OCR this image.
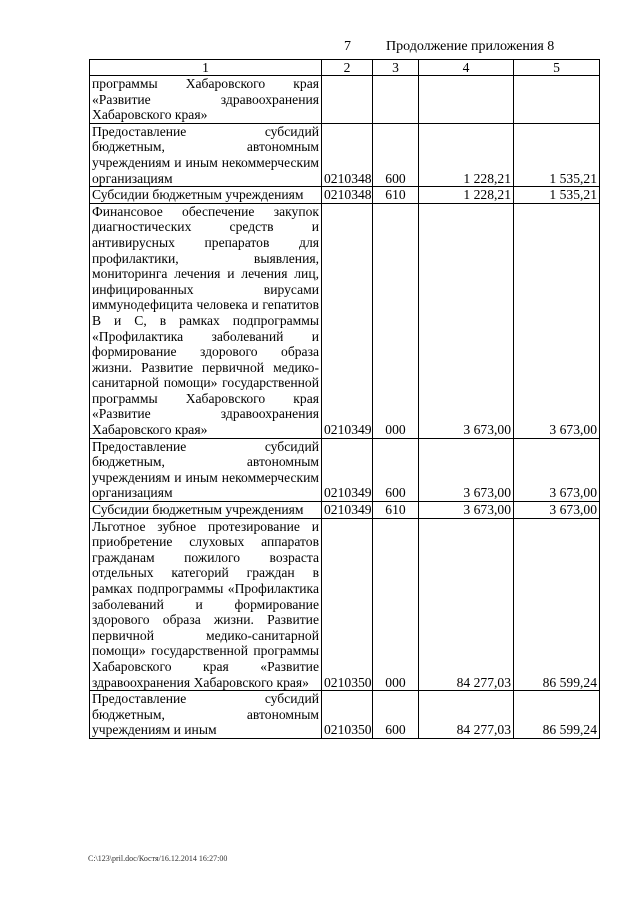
7	Продолжение приложения 8
1	2	3	4	5
программы Хабаровского края «Развитие здравоохранения Хабаровского края»				
Предоставление субсидий бюджетным, автономным учреждениям и иным некоммерческим организациям	0210348	600	1 228,21	1 535,21
Субсидии бюджетным учреждениям	0210348	610	1 228,21	1 535,21
Финансовое обеспечение закупок диагностических средств и антивирусных препаратов для профилактики, выявления, мониторинга лечения и лечения лиц, инфицированных вирусами иммунодефицита человека и гепатитов В и С, в рамках подпрограммы «Профилактика заболеваний и формирование здорового образа жизни. Развитие первичной медико-санитарной помощи» государственной программы Хабаровского края «Развитие здравоохранения Хабаровского края»	0210349	000	3 673,00	3 673,00
Предоставление субсидий бюджетным, автономным учреждениям и иным некоммерческим организациям	0210349	600	3 673,00	3 673,00
Субсидии бюджетным учреждениям	0210349	610	3 673,00	3 673,00
Льготное зубное протезирование и приобретение слуховых аппаратов гражданам пожилого возраста отдельных категорий граждан в рамках подпрограммы «Профилактика заболеваний и формирование здорового образа жизни. Развитие первичной медико-санитарной помощи» государственной программы Хабаровского края «Развитие здравоохранения Хабаровского края»	0210350	000	84 277,03	86 599,24
Предоставление субсидий бюджетным, автономным учреждениям и иным	0210350	600	84 277,03	86 599,24
C:\123\pril.doc/Костя/16.12.2014 16:27:00
